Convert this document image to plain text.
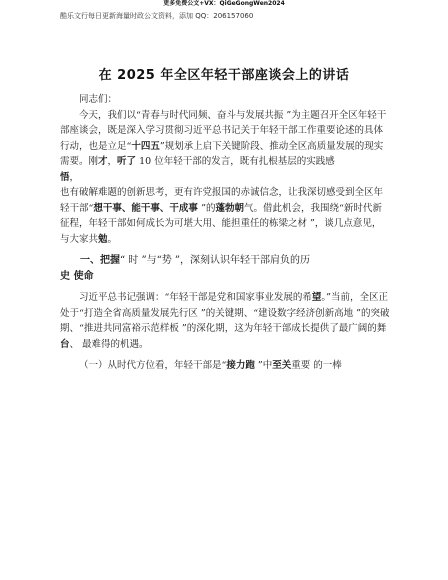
更多免费公文+VX：QiGeGongWen2024
酷乐文行每日更新海量时政公文资料，添加 QQ：206157060
在 2025 年全区年轻干部座谈会上的讲话

同志们：

今天，我们以“青春与时代同频、奋斗与发展共振 ”为主题召开全区年轻干部座谈会，既是深入学习贯彻习近平总书记关于年轻干部工作重要论述的具体行动，也是立足“十四五”规划承上启下关键阶段、推动全区高质量发展的现实需要。刚才，听了 10 位年轻干部的发言，既有扎根基层的实践感
悟，

也有破解难题的创新思考，更有许党报国的赤诚信念，让我深切感受到全区年轻干部“想干事、能干事、干成事 ”的蓬勃朝气。借此机会，我围绕“新时代新征程，年轻干部如何成长为可堪大用、能担重任的栋梁之材 ”，谈几点意见，与大家共勉。

一、把握“ 时 ”与“势 ”，深刻认识年轻干部肩负的历
史 使命

习近平总书记强调：“年轻干部是党和国家事业发展的希望。”当前，全区正处于“打造全省高质量发展先行区 ”的关键期、“建设数字经济创新高地 ”的突破期、“推进共同富裕示范样板 ”的深化期，这为年轻干部成长提供了最广阔的舞台、 最难得的机遇。

（一）从时代方位看，年轻干部是“接力跑 ”中至关重要 的一棒
